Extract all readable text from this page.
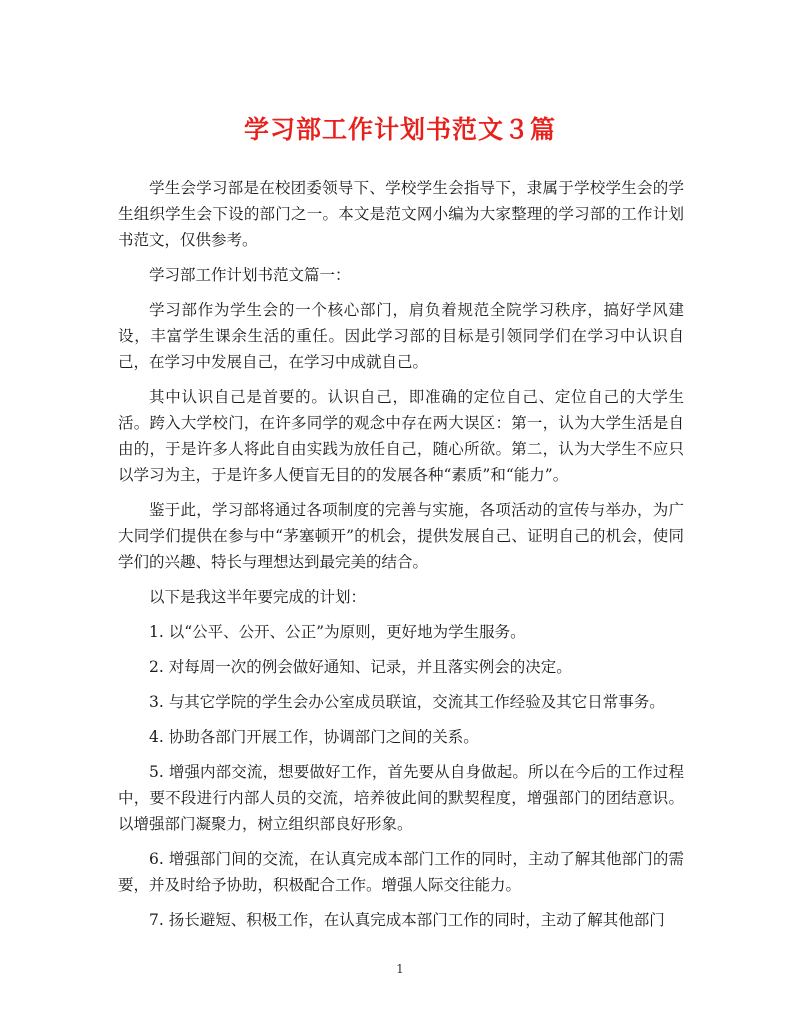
学习部工作计划书范文３篇

学生会学习部是在校团委领导下、学校学生会指导下，隶属于学校学生会的学生组织学生会下设的部门之一。本文是范文网小编为大家整理的学习部的工作计划书范文，仅供参考。

学习部工作计划书范文篇一：

学习部作为学生会的一个核心部门，肩负着规范全院学习秩序，搞好学风建设，丰富学生课余生活的重任。因此学习部的目标是引领同学们在学习中认识自己，在学习中发展自己，在学习中成就自己。

其中认识自己是首要的。认识自己，即准确的定位自己、定位自己的大学生活。跨入大学校门，在许多同学的观念中存在两大误区：第一，认为大学生活是自由的，于是许多人将此自由实践为放任自己，随心所欲。第二，认为大学生不应只以学习为主，于是许多人便盲无目的的发展各种“素质”和“能力”。

鉴于此，学习部将通过各项制度的完善与实施，各项活动的宣传与举办，为广大同学们提供在参与中“茅塞顿开”的机会，提供发展自己、证明自己的机会，使同学们的兴趣、特长与理想达到最完美的结合。

以下是我这半年要完成的计划：

1. 以“公平、公开、公正”为原则，更好地为学生服务。

2. 对每周一次的例会做好通知、记录，并且落实例会的决定。

3. 与其它学院的学生会办公室成员联谊，交流其工作经验及其它日常事务。

4. 协助各部门开展工作，协调部门之间的关系。

5. 增强内部交流，想要做好工作，首先要从自身做起。所以在今后的工作过程中，要不段进行内部人员的交流，培养彼此间的默契程度，增强部门的团结意识。以增强部门凝聚力，树立组织部良好形象。

6. 增强部门间的交流，在认真完成本部门工作的同时，主动了解其他部门的需要，并及时给予协助，积极配合工作。增强人际交往能力。

7. 扬长避短、积极工作，在认真完成本部门工作的同时，主动了解其他部门

1
